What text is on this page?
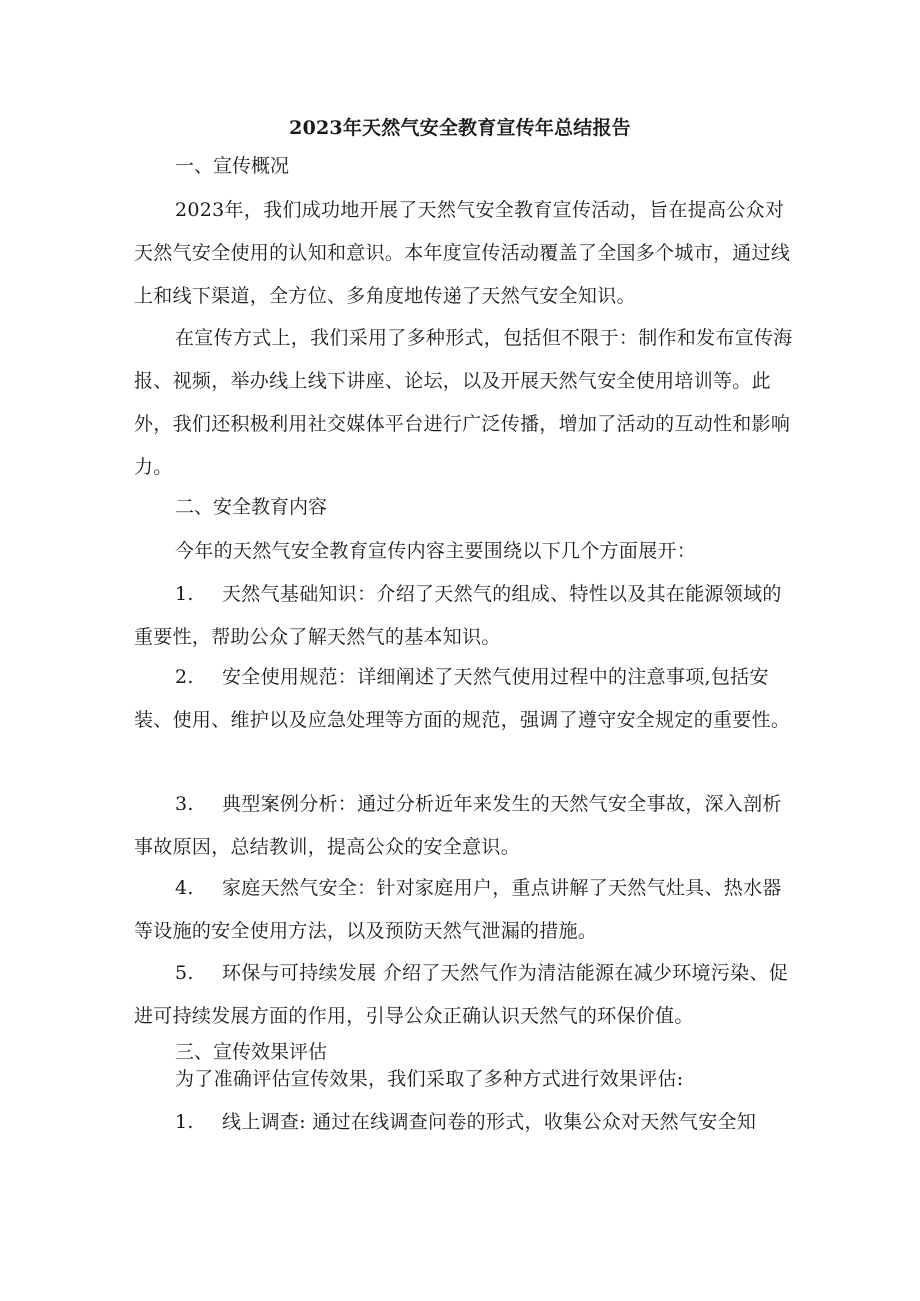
2023年天然气安全教育宣传年总结报告
一、宣传概况
2023年，我们成功地开展了天然气安全教育宣传活动，旨在提高公众对天然气安全使用的认知和意识。本年度宣传活动覆盖了全国多个城市，通过线上和线下渠道，全方位、多角度地传递了天然气安全知识。
在宣传方式上，我们采用了多种形式，包括但不限于：制作和发布宣传海报、视频，举办线上线下讲座、论坛，以及开展天然气安全使用培训等。此外，我们还积极利用社交媒体平台进行广泛传播，增加了活动的互动性和影响力。
二、安全教育内容
今年的天然气安全教育宣传内容主要围绕以下几个方面展开：
1. 天然气基础知识：介绍了天然气的组成、特性以及其在能源领域的重要性，帮助公众了解天然气的基本知识。
2. 安全使用规范：详细阐述了天然气使用过程中的注意事项,包括安装、使用、维护以及应急处理等方面的规范，强调了遵守安全规定的重要性。
3. 典型案例分析：通过分析近年来发生的天然气安全事故，深入剖析事故原因，总结教训，提高公众的安全意识。
4. 家庭天然气安全：针对家庭用户，重点讲解了天然气灶具、热水器等设施的安全使用方法，以及预防天然气泄漏的措施。
5. 环保与可持续发展 介绍了天然气作为清洁能源在减少环境污染、促进可持续发展方面的作用，引导公众正确认识天然气的环保价值。
三、宣传效果评估
为了准确评估宣传效果，我们采取了多种方式进行效果评估:
1. 线上调查: 通过在线调查问卷的形式，收集公众对天然气安全知
